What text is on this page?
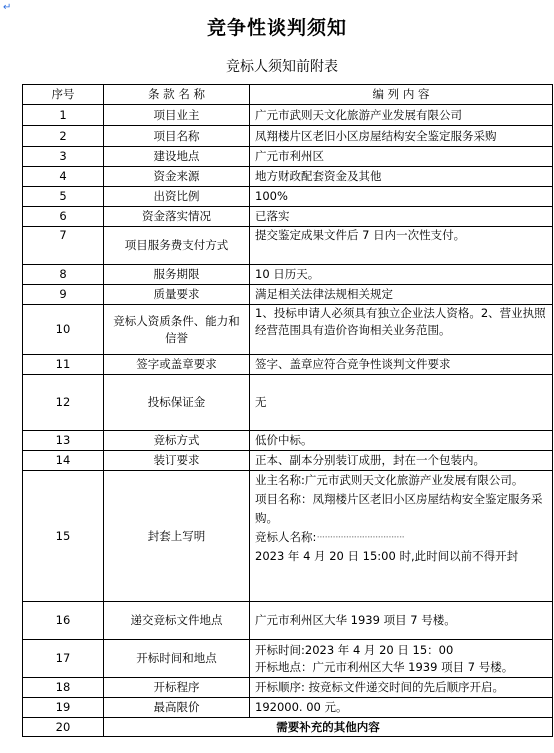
↵
竞争性谈判须知
竞标人须知前附表
序号	条 款 名 称	编 列 内 容
1	项目业主	广元市武则天文化旅游产业发展有限公司
2	项目名称	凤翔楼片区老旧小区房屋结构安全鉴定服务采购
3	建设地点	广元市利州区
4	资金来源	地方财政配套资金及其他
5	出资比例	100%
6	资金落实情况	已落实
7	项目服务费支付方式	提交鉴定成果文件后 7 日内一次性支付。
8	服务期限	10 日历天。
9	质量要求	满足相关法律法规相关规定
10	竞标人资质条件、能力和信誉	1、投标申请人必须具有独立企业法人资格。2、营业执照经营范围具有造价咨询相关业务范围。
11	签字或盖章要求	签字、盖章应符合竞争性谈判文件要求
12	投标保证金	无
13	竞标方式	低价中标。
14	装订要求	正本、副本分别装订成册，封在一个包装内。
15	封套上写明	业主名称:广元市武则天文化旅游产业发展有限公司。
项目名称：凤翔楼片区老旧小区房屋结构安全鉴定服务采购。
竞标人名称:·································
2023 年 4 月 20 日 15:00 时,此时间以前不得开封

16	递交竞标文件地点	广元市利州区大华 1939 项目 7 号楼。
17	开标时间和地点	开标时间:2023 年 4 月 20 日 15：00
开标地点：广元市利州区大华 1939 项目 7 号楼。

18	开标程序	开标顺序: 按竞标文件递交时间的先后顺序开启。
19	最高限价	192000. 00 元。
20	需要补充的其他内容	
